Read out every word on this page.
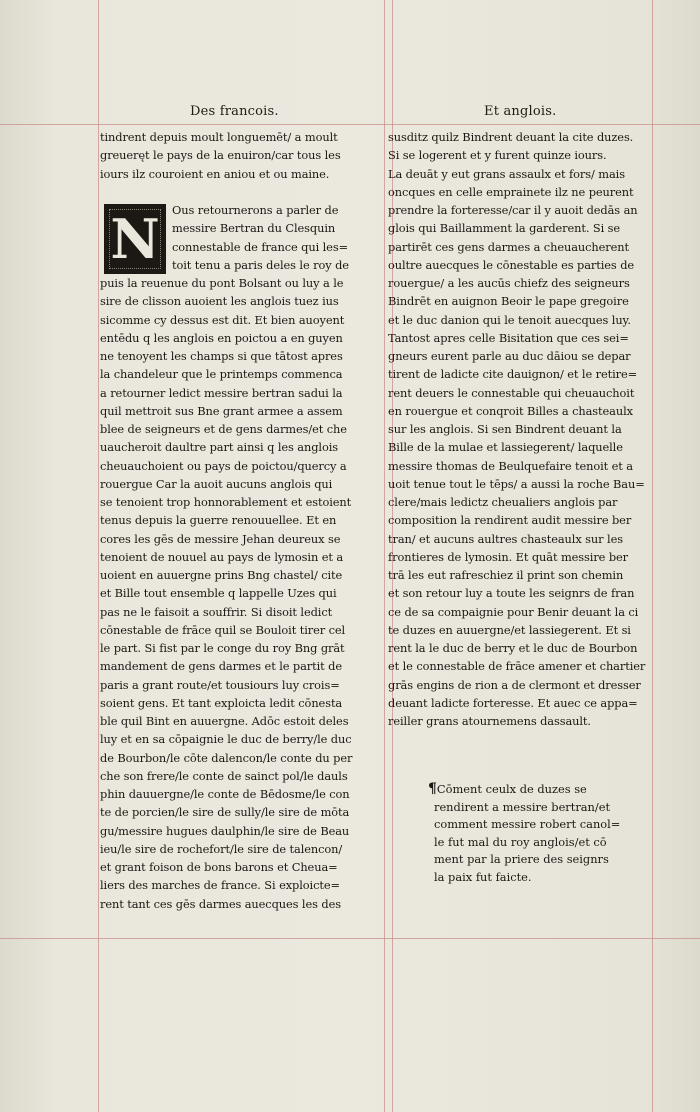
Des francois.	Et anglois.
N
tindrent depuis moult longuemēt/ a moult
greueręt le pays de la enuiron/car tous les
iours ilz couroient en aniou et ou maine.
Ous retournerons a parler de
messire Bertran du Clesquin
connestable de france qui les=
toit tenu a paris deles le roy de
puis la reuenue du pont Bolsant ou luy a le
sire de clisson auoient les anglois tuez ius
sicomme cy dessus est dit. Et bien auoyent
entēdu q les anglois en poictou a en guyen
ne tenoyent les champs si que tātost apres
la chandeleur que le printemps commenca
a retourner ledict messire bertran sadui la
quil mettroit sus Bne grant armee a assem
blee de seigneurs et de gens darmes/et che
uaucheroit daultre part ainsi q les anglois
cheuauchoient ou pays de poictou/quercy a
rouergue Car la auoit aucuns anglois qui
se tenoient trop honnorablement et estoient
tenus depuis la guerre renouuellee. Et en
cores les gēs de messire Jehan deureux se
tenoient de nouuel au pays de lymosin et a
uoient en auuergne prins Bng chastel/ cite
et Bille tout ensemble q lappelle Uzes qui
pas ne le faisoit a souffrir. Si disoit ledict
cōnestable de frāce quil se Bouloit tirer cel
le part. Si fist par le conge du roy Bng grāt
mandement de gens darmes et le partit de
paris a grant route/et tousiours luy crois=
soient gens. Et tant exploicta ledit cōnesta
ble quil Bint en auuergne. Adōc estoit deles
luy et en sa cōpaignie le duc de berry/le duc
de Bourbon/le cōte dalencon/le conte du per
che son frere/le conte de sainct pol/le dauls
phin dauuergne/le conte de Bēdosme/le con
te de porcien/le sire de sully/le sire de mōta
gu/messire hugues daulphin/le sire de Beau
ieu/le sire de rochefort/le sire de talencon/
et grant foison de bons barons et Cheua=
liers des marches de france. Si exploicte=
rent tant ces gēs darmes auecques les des
susditz quilz Bindrent deuant la cite duzes.
Si se logerent et y furent quinze iours.
La deuāt y eut grans assaulx et fors/ mais
oncques en celle emprainete ilz ne peurent
prendre la forteresse/car il y auoit dedās an
glois qui Baillamment la garderent. Si se
partirēt ces gens darmes a cheuaucherent
oultre auecques le cōnestable es parties de
rouergue/ a les aucūs chiefz des seigneurs
Bindrēt en auignon Beoir le pape gregoire
et le duc danion qui le tenoit auecques luy.
Tantost apres celle Bisitation que ces sei=
gneurs eurent parle au duc dāiou se depar
tirent de ladicte cite dauignon/ et le retire=
rent deuers le connestable qui cheuauchoit
en rouergue et conqroit Billes a chasteaulx
sur les anglois. Si sen Bindrent deuant la
Bille de la mulae et lassiegerent/ laquelle
messire thomas de Beulquefaire tenoit et a
uoit tenue tout le tēps/ a aussi la roche Bau=
clere/mais ledictz cheualiers anglois par
composition la rendirent audit messire ber
tran/ et aucuns aultres chasteaulx sur les
frontieres de lymosin. Et quāt messire ber
trā les eut rafreschiez il print son chemin
et son retour luy a toute les seignrs de fran
ce de sa compaignie pour Benir deuant la ci
te duzes en auuergne/et lassiegerent. Et si
rent la le duc de berry et le duc de Bourbon
et le connestable de frāce amener et chartier
grās engins de rion a de clermont et dresser
deuant ladicte forteresse. Et auec ce appa=
reiller grans atournemens dassault.
¶Cōment ceulx de duzes se
rendirent a messire bertran/et
comment messire robert canol=
le fut mal du roy anglois/et cō
ment par la priere des seignrs
la paix fut faicte.
